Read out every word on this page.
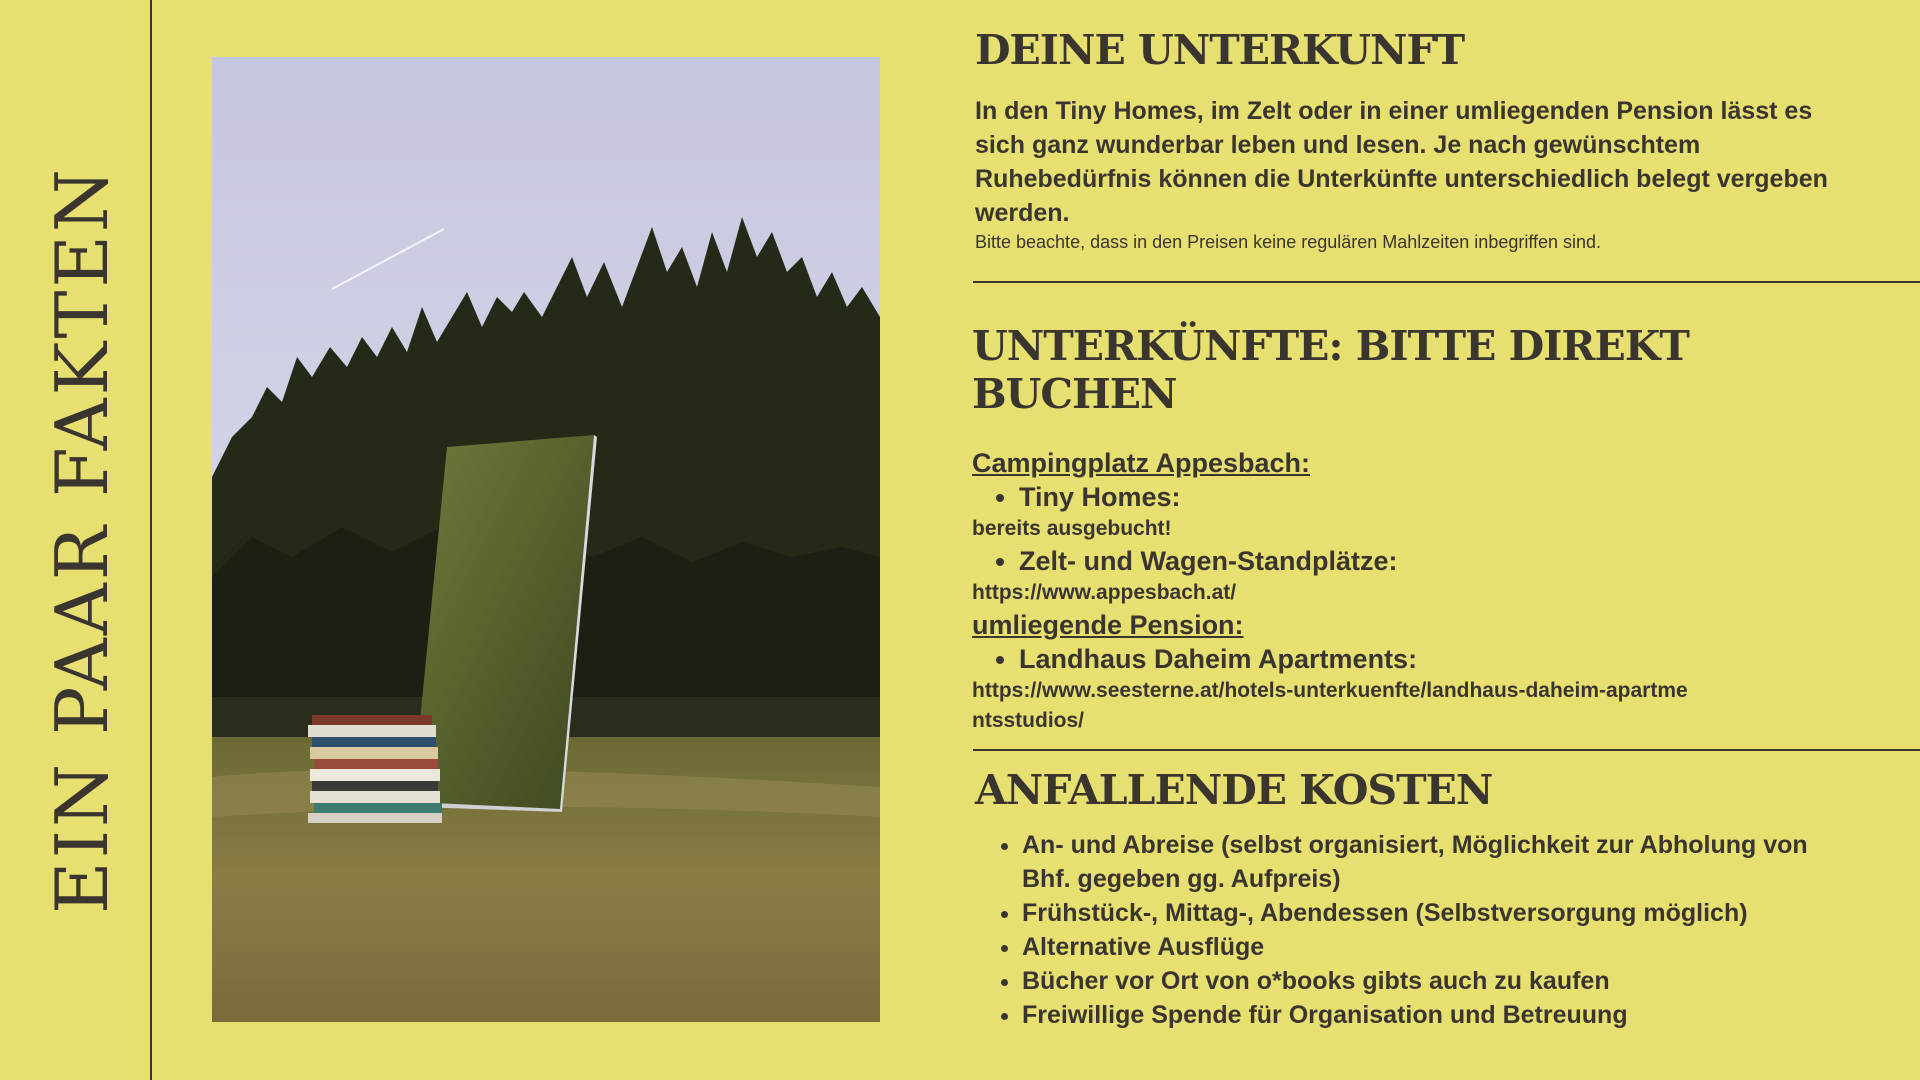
EIN PAAR FAKTEN
DEINE UNTERKUNFT

In den Tiny Homes, im Zelt oder in einer umliegenden Pension lässt es sich ganz wunderbar leben und lesen. Je nach gewünschtem Ruhebedürfnis können die Unterkünfte unterschiedlich belegt vergeben werden.

Bitte beachte, dass in den Preisen keine regulären Mahlzeiten inbegriffen sind.

UNTERKÜNFTE: BITTE DIREKT BUCHEN

Campingplatz Appesbach:

• Tiny Homes:

bereits ausgebucht!

• Zelt- und Wagen-Standplätze:

https://www.appesbach.at/

umliegende Pension:

• Landhaus Daheim Apartments:

https://www.seesterne.at/hotels-unterkuenfte/landhaus-daheim-apartmentsstudios/

ANFALLENDE KOSTEN
• An- und Abreise (selbst organisiert, Möglichkeit zur Abholung von Bhf. gegeben gg. Aufpreis)
• Frühstück-, Mittag-, Abendessen (Selbstversorgung möglich)
• Alternative Ausflüge
• Bücher vor Ort von o*books gibts auch zu kaufen
• Freiwillige Spende für Organisation und Betreuung
